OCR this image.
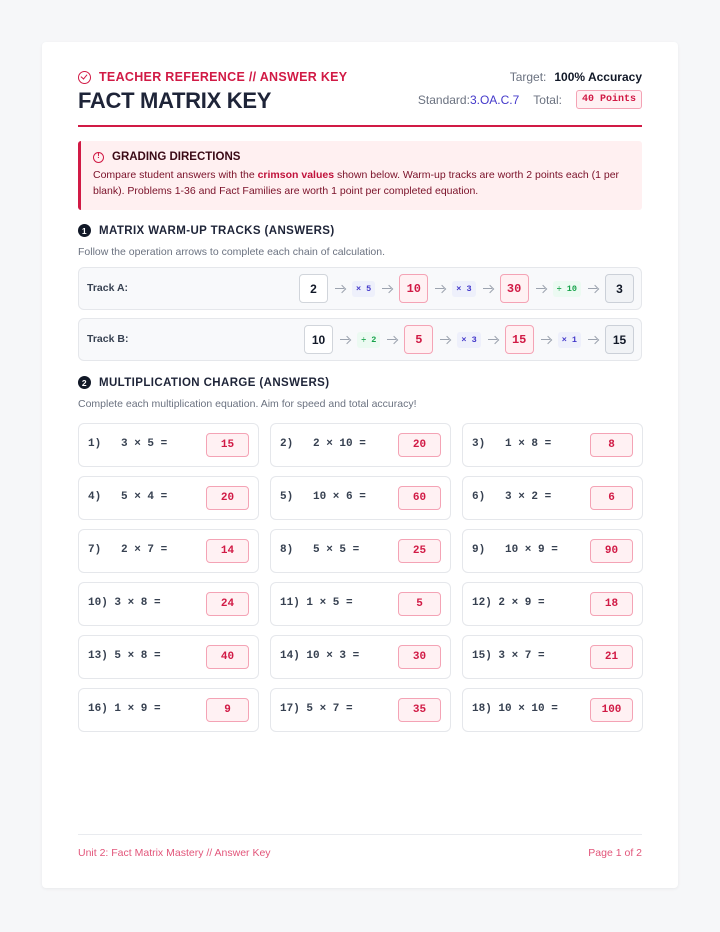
TEACHER REFERENCE // ANSWER KEY
FACT MATRIX KEY
Target: 100% Accuracy
Standard:3.OA.C.7 Total:	40 Points
!
GRADING DIRECTIONS
Compare student answers with the crimson values shown below. Warm-up tracks are worth 2 points each (1 per blank). Problems 1-36 and Fact Families are worth 1 point per completed equation.
1	MATRIX WARM-UP TRACKS (ANSWERS)
Follow the operation arrows to complete each chain of calculation.
Track A:	2	× 5	10	× 3	30	÷ 10	3
Track B:	10	÷ 2	5	× 3	15	× 1	15
2	MULTIPLICATION CHARGE (ANSWERS)
Complete each multiplication equation. Aim for speed and total accuracy!
1)   3 × 5 =	15	2)   2 × 10 =	20	3)   1 × 8 =	8
4)   5 × 4 =	20	5)   10 × 6 =	60	6)   3 × 2 =	6
7)   2 × 7 =	14	8)   5 × 5 =	25	9)   10 × 9 =	90
10) 3 × 8 =	24	11) 1 × 5 =	5	12) 2 × 9 =	18
13) 5 × 8 =	40	14) 10 × 3 =	30	15) 3 × 7 =	21
16) 1 × 9 =	9	17) 5 × 7 =	35	18) 10 × 10 =	100
Unit 2: Fact Matrix Mastery // Answer Key	Page 1 of 2
